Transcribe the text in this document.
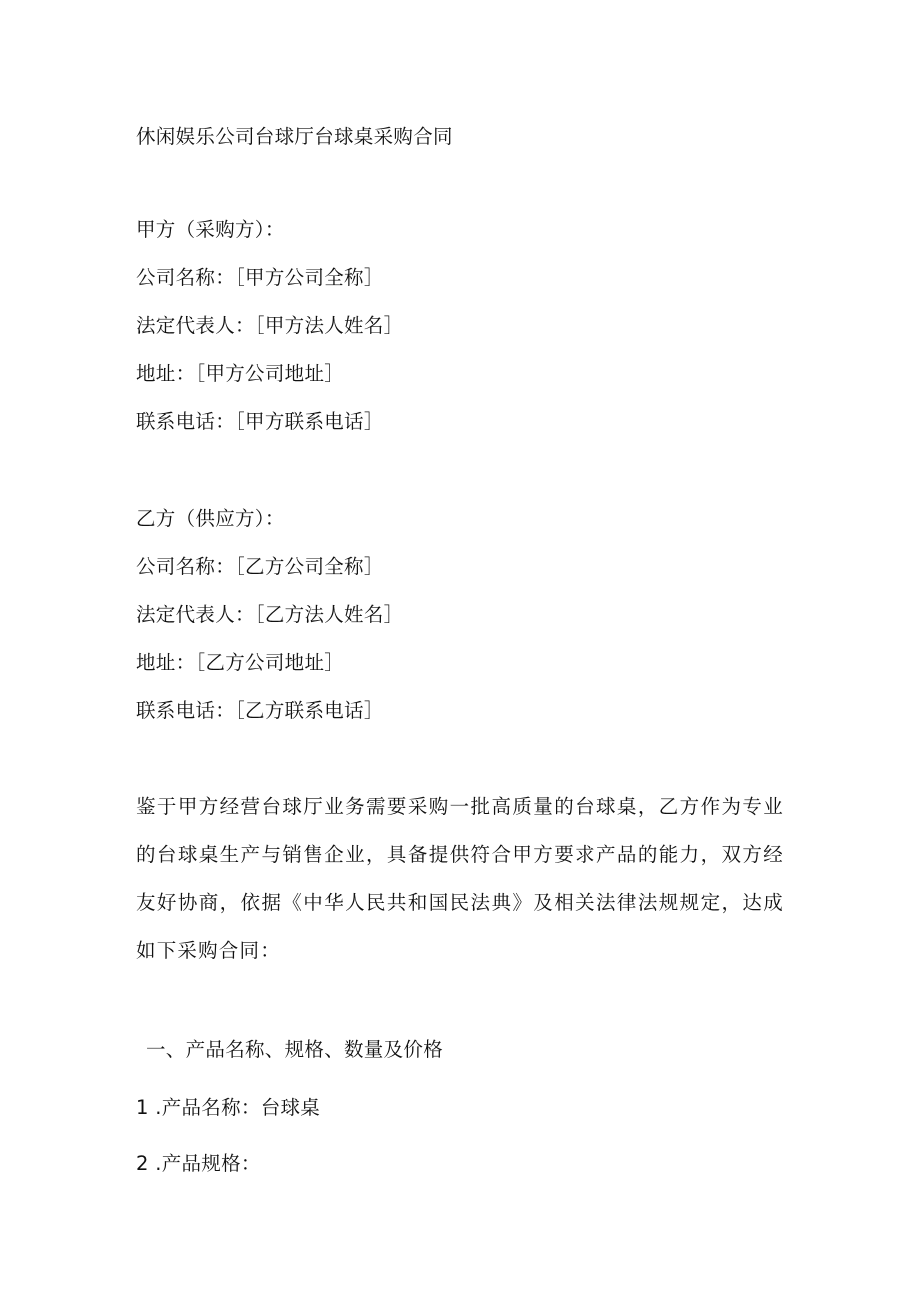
休闲娱乐公司台球厅台球桌采购合同

甲方（采购方）：

公司名称：［甲方公司全称］

法定代表人：［甲方法人姓名］

地址：［甲方公司地址］

联系电话：［甲方联系电话］

乙方（供应方）：

公司名称：［乙方公司全称］

法定代表人：［乙方法人姓名］

地址：［乙方公司地址］

联系电话：［乙方联系电话］

鉴于甲方经营台球厅业务需要采购一批高质量的台球桌，乙方作为专业的台球桌生产与销售企业，具备提供符合甲方要求产品的能力，双方经友好协商，依据《中华人民共和国民法典》及相关法律法规规定，达成如下采购合同：

一、产品名称、规格、数量及价格

1 .产品名称：台球桌

2 .产品规格：
